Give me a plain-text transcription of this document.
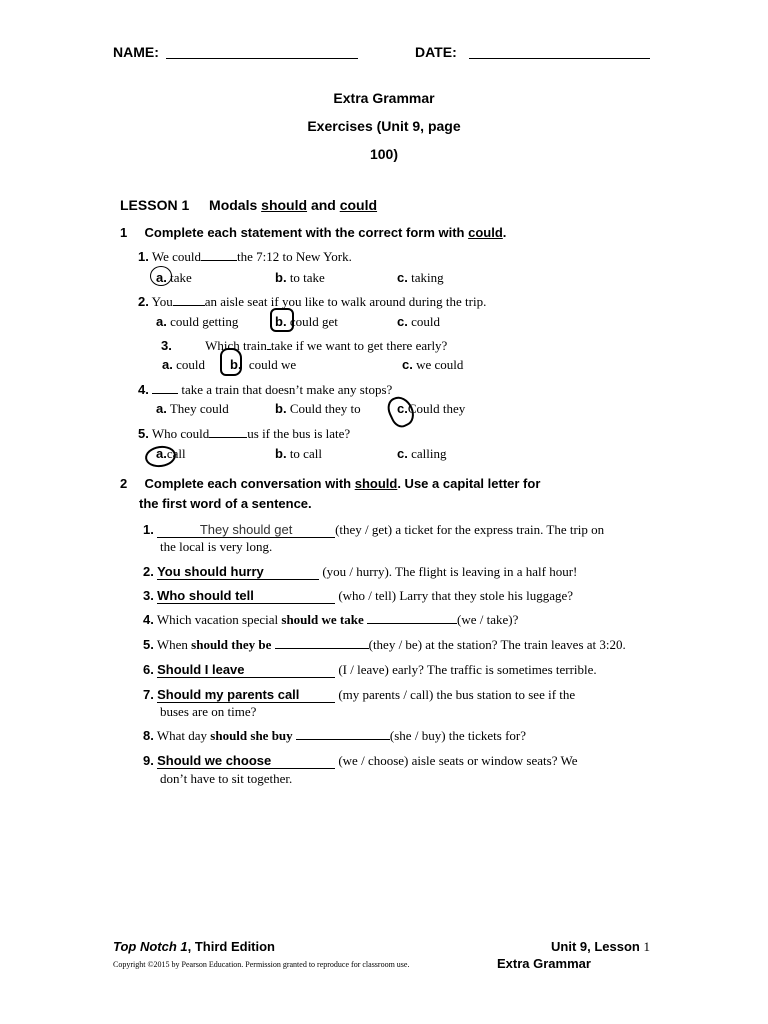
NAME:	DATE:
Extra Grammar
Exercises (Unit 9, page
100)
LESSON 1 Modals should and could
1 Complete each statement with the correct form with could.
1. We could	the 7:12 to New York.
a. take	b. to take	c. taking
2. You an aisle seat if you like to walk around during the trip.
a. could getting	b. could get	c. could
3.	Which train take if we want to get there early?
a. could b. could we	c. we could
4.	take a train that doesn’t make any stops?
a. They could	b. Could they to	c.Could they
5. Who could	us if the bus is late?
a.call	b. to call	c. calling
2 Complete each conversation with should. Use a capital letter for
the first word of a sentence.
1.	They should get	(they / get) a ticket for the express train. The trip on
the local is very long.
2. You should hurry	(you / hurry). The flight is leaving in a half hour!
3. Who should tell	(who / tell) Larry that they stole his luggage?
4. Which vacation special should we take	(we / take)?
5. When should they be	(they / be) at the station? The train leaves at 3:20.
6. Should I leave	(I / leave) early? The traffic is sometimes terrible.
7. Should my parents call	(my parents / call) the bus station to see if the
buses are on time?
8. What day should she buy	(she / buy) the tickets for?
9. Should we choose	(we / choose) aisle seats or window seats? We
don’t have to sit together.
Top Notch 1, Third Edition	Unit 9, Lesson 1
Copyright ©2015 by Pearson Education. Permission granted to reproduce for classroom use.	Extra Grammar
